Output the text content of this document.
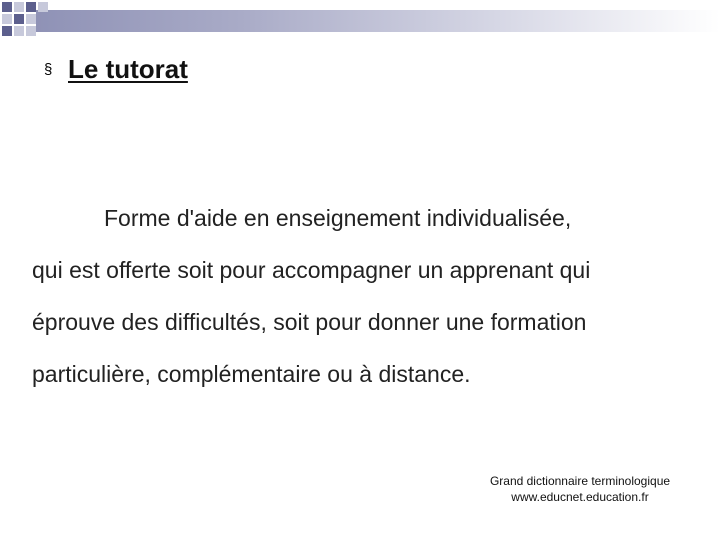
§ Le tutorat
Forme d'aide en enseignement individualisée,
qui est offerte soit pour accompagner un apprenant qui
éprouve des difficultés, soit pour donner une formation
particulière, complémentaire ou à distance.
Grand dictionnaire terminologique
www.educnet.education.fr
